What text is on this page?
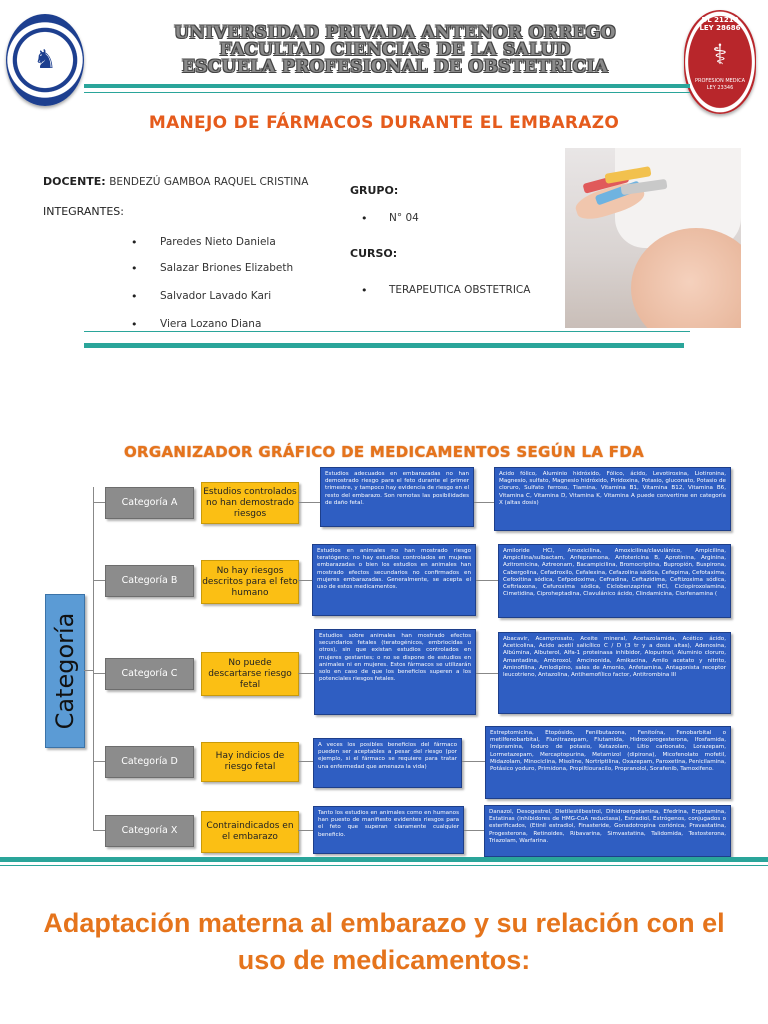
♞
UNIVERSIDAD PRIVADA ANTENOR ORREGO
FACULTAD CIENCIAS DE LA SALUD
ESCUELA PROFESIONAL DE OBSTETRICIA
DL 21210
LEY 28686
⚕
PROFESION MEDICA
LEY 23346
MANEJO DE FÁRMACOS DURANTE EL EMBARAZO
DOCENTE: BENDEZÚ GAMBOA RAQUEL CRISTINA
INTEGRANTES:
• Paredes Nieto Daniela
• Salazar Briones Elizabeth
• Salvador Lavado Kari
• Viera Lozano Diana
GRUPO:
• N° 04
CURSO:
• TERAPEUTICA OBSTETRICA
ORGANIZADOR GRÁFICO DE MEDICAMENTOS SEGÚN LA FDA
Categoría
Categoría A
Estudios controlados no han demostrado riesgos
Estudios adecuados en embarazadas no han demostrado riesgo para el feto durante el primer trimestre, y tampoco hay evidencia de riesgo en el resto del embarazo. Son remotas las posibilidades de daño fetal.
Acido fólico, Aluminio hidróxido, Fólico, ácido, Levotiroxina, Liotironina, Magnesio, sulfato, Magnesio hidróxido, Piridoxina, Potasio, gluconato, Potasio de cloruro, Sulfato ferroso, Tiamina, Vitamina B1, Vitamina B12, Vitamina B6, Vitamina C, Vitamina D, Vitamina K, Vitamina A puede convertirse en categoría X (altas dosis)
Categoría B
No hay riesgos descritos para el feto humano
Estudios en animales no han mostrado riesgo teratógeno; no hay estudios controlados en mujeres embarazadas o bien los estudios en animales han mostrado efectos secundarios no confirmados en mujeres embarazadas. Generalmente, se acepta el uso de estos medicamentos.
Amiloride HCl, Amoxicilina, Amoxicilina/clavulánico, Ampicilina, Ampicilina/sulbactam, Anfepramona, Anfotericina B, Aprotinina, Arginina, Azitromicina, Aztreonam, Bacampicilina, Bromocriptina, Bupropión, Buspirona, Cabergolina, Cefadroxilo, Cefalexina, Cefazolina sódica, Cefepima, Cefotaxima, Cefoxitina sódica, Cefpodoxima, Cefradina, Ceftazidima, Ceftizoxima sódica, Ceftriaxona, Cefuroxima sódica, Ciclobenzaprina HCl, Ciclopiroxolamina, Cimetidina, Ciproheptadina, Clavulánico ácido, Clindamicina, Clorfenamina (
Categoría C
No puede descartarse riesgo fetal
Estudios sobre animales han mostrado efectos secundarios fetales (teratogénicos, embriocidas u otros), sin que existan estudios controlados en mujeres gestantes; o no se dispone de estudios en animales ni en mujeres. Estos fármacos se utilizarán solo en caso de que los beneficios superen a los potenciales riesgos fetales.
Abacavir, Acamprosato, Aceite mineral, Acetazolamida, Acético ácido, Aceticolina, Acido acetil salicílico C / D (3 tr y a dosis altas), Adenosina, Albúmina, Albuterol, Alfa-1 proteinasa inhibidor, Alopurinol, Aluminio cloruro, Amantadina, Ambroxol, Amcinonida, Amikacina, Amilo acetato y nitrito, Aminofilina, Amlodipino, sales de Amonio, Anfetamina, Antagonista receptor leucotrieno, Antazolina, Antihemofílico factor, Antitrombina III
Categoría D	Hay indicios de riesgo fetal
A veces los posibles beneficios del fármaco pueden ser aceptables a pesar del riesgo (por ejemplo, si el fármaco se requiere para tratar una enfermedad que amenaza la vida)
Estreptomicina, Etopósido, Fenilbutazona, Fenitoína, Fenobarbital o metilfenobarbital, Flunitrazepam, Flutamida, Hidroxiprogesterona, Ifosfamida, Imipramina, Ioduro de potasio, Ketazolam, Litio carbonato, Lorazepam, Lormetazepam, Mercaptopurina, Metamizol (dipirona), Micofenolato mofetil, Midazolam, Minociclina, Misoline, Nortriptilina, Oxazepam, Paroxetina, Penicilamina, Potásico yoduro, Primidona, Propiltiouracilo, Propranolol, Sorafenib, Tamoxifeno.
Categoría X	Contraindicados en el embarazo
Tanto los estudios en animales como en humanos han puesto de manifiesto evidentes riesgos para el feto que superan claramente cualquier beneficio.
Danazol, Desogestrel, Dietilestilbestrol, Dihidroergotamina, Efedrina, Ergotamina, Estatinas (inhibidores de HMG-CoA reductasa), Estradiol, Estrógenos, conjugados o esterificados, (Etinil estradiol, Finasteride, Gonadotropina coriónica, Pravastatina, Progesterona, Retinoides, Ribavarina, Simvastatina, Talidomida, Testosterona, Triazolam, Warfarina.
Adaptación materna al embarazo y su relación con el uso de medicamentos:
